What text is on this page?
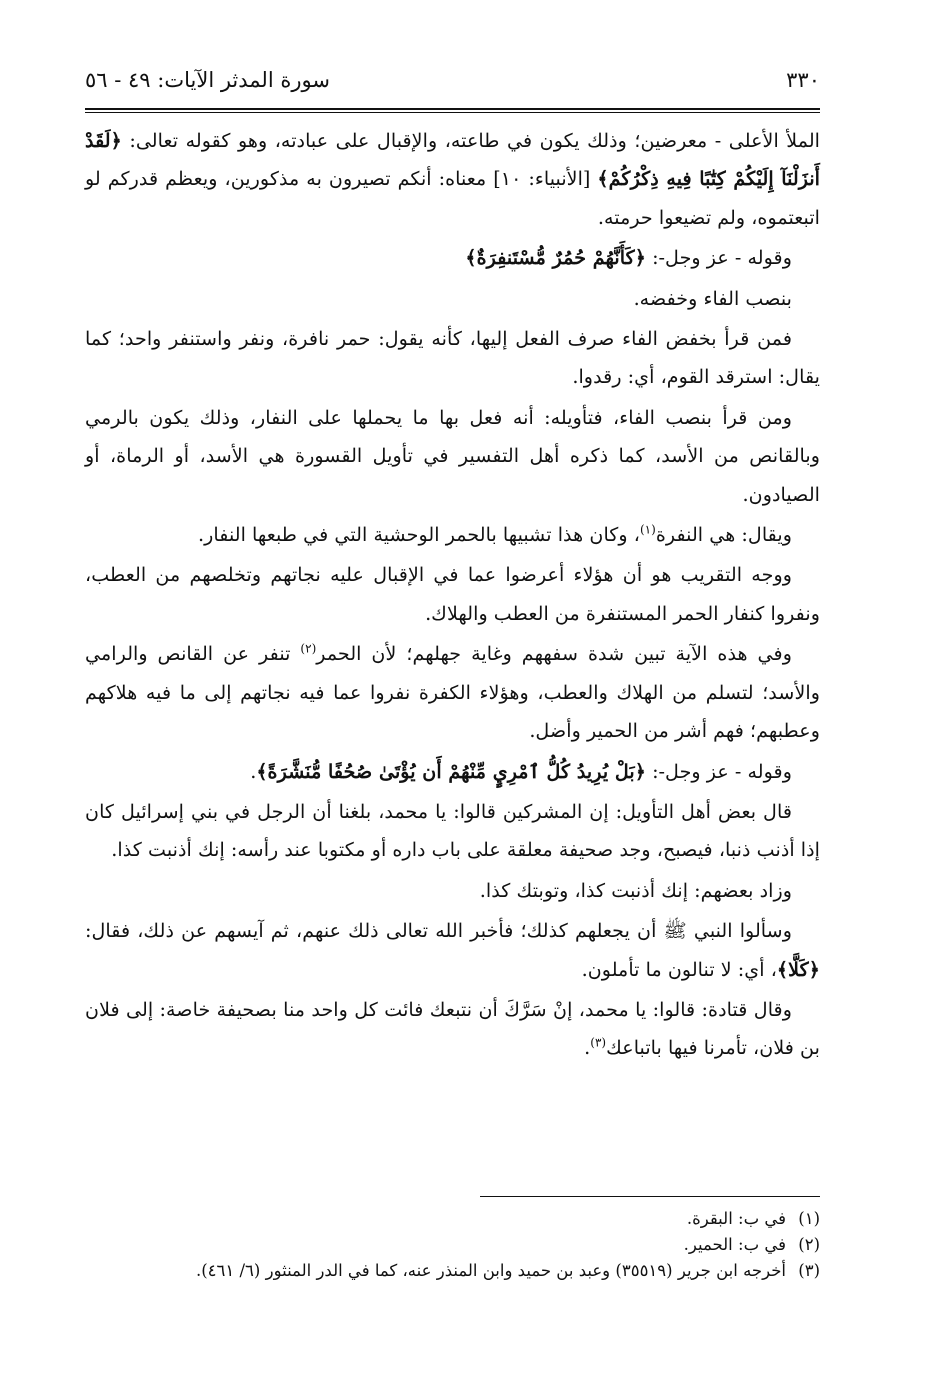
٣٣٠
سورة المدثر الآيات: ٤٩ - ٥٦

الملأ الأعلى - معرضين؛ وذلك يكون في طاعته، والإقبال على عبادته، وهو كقوله تعالى: ﴿لَقَدْ أَنزَلْنَآ إِلَيْكُمْ كِتَٰبًا فِيهِ ذِكْرُكُمْ﴾ [الأنبياء: ١٠] معناه: أنكم تصيرون به مذكورين، ويعظم قدركم لو اتبعتموه، ولم تضيعوا حرمته.

وقوله - عز وجل-: ﴿كَأَنَّهُمْ حُمُرٌ مُّسْتَنفِرَةٌ﴾

بنصب الفاء وخفضه.

فمن قرأ بخفض الفاء صرف الفعل إليها، كأنه يقول: حمر نافرة، ونفر واستنفر واحد؛ كما يقال: استرقد القوم، أي: رقدوا.

ومن قرأ بنصب الفاء، فتأويله: أنه فعل بها ما يحملها على النفار، وذلك يكون بالرمي وبالقانص من الأسد، كما ذكره أهل التفسير في تأويل القسورة هي الأسد، أو الرماة، أو الصيادون.

ويقال: هي النفرة$^{(١)}$، وكان هذا تشبيها بالحمر الوحشية التي في طبعها النفار.

ووجه التقريب هو أن هؤلاء أعرضوا عما في الإقبال عليه نجاتهم وتخلصهم من العطب، ونفروا كنفار الحمر المستنفرة من العطب والهلاك.

وفي هذه الآية تبين شدة سفههم وغاية جهلهم؛ لأن الحمر$^{(٢)}$ تنفر عن القانص والرامي والأسد؛ لتسلم من الهلاك والعطب، وهؤلاء الكفرة نفروا عما فيه نجاتهم إلى ما فيه هلاكهم وعطبهم؛ فهم أشر من الحمير وأضل.

وقوله - عز وجل-: ﴿بَلْ يُرِيدُ كُلُّ ٱمْرِيٍٕ مِّنْهُمْ أَن يُؤْتَىٰ صُحُفًا مُّنَشَّرَةً﴾.

قال بعض أهل التأويل: إن المشركين قالوا: يا محمد، بلغنا أن الرجل في بني إسرائيل كان إذا أذنب ذنبا، فيصبح، وجد صحيفة معلقة على باب داره أو مكتوبا عند رأسه: إنك أذنبت كذا.

وزاد بعضهم: إنك أذنبت كذا، وتوبتك كذا.

وسألوا النبي ﷺ أن يجعلهم كذلك؛ فأخبر الله تعالى ذلك عنهم، ثم آيسهم عن ذلك، فقال: ﴿كَلَّا﴾، أي: لا تنالون ما تأملون.

وقال قتادة: قالوا: يا محمد، إنْ سَرَّكَ أن نتبعك فائت كل واحد منا بصحيفة خاصة: إلى فلان بن فلان، تأمرنا فيها باتباعك$^{(٣)}$.

(١)في ب: البقرة.
(٢)في ب: الحمير.
(٣)أخرجه ابن جرير (٣٥٥١٩) وعبد بن حميد وابن المنذر عنه، كما في الدر المنثور (٦/ ٤٦١).
